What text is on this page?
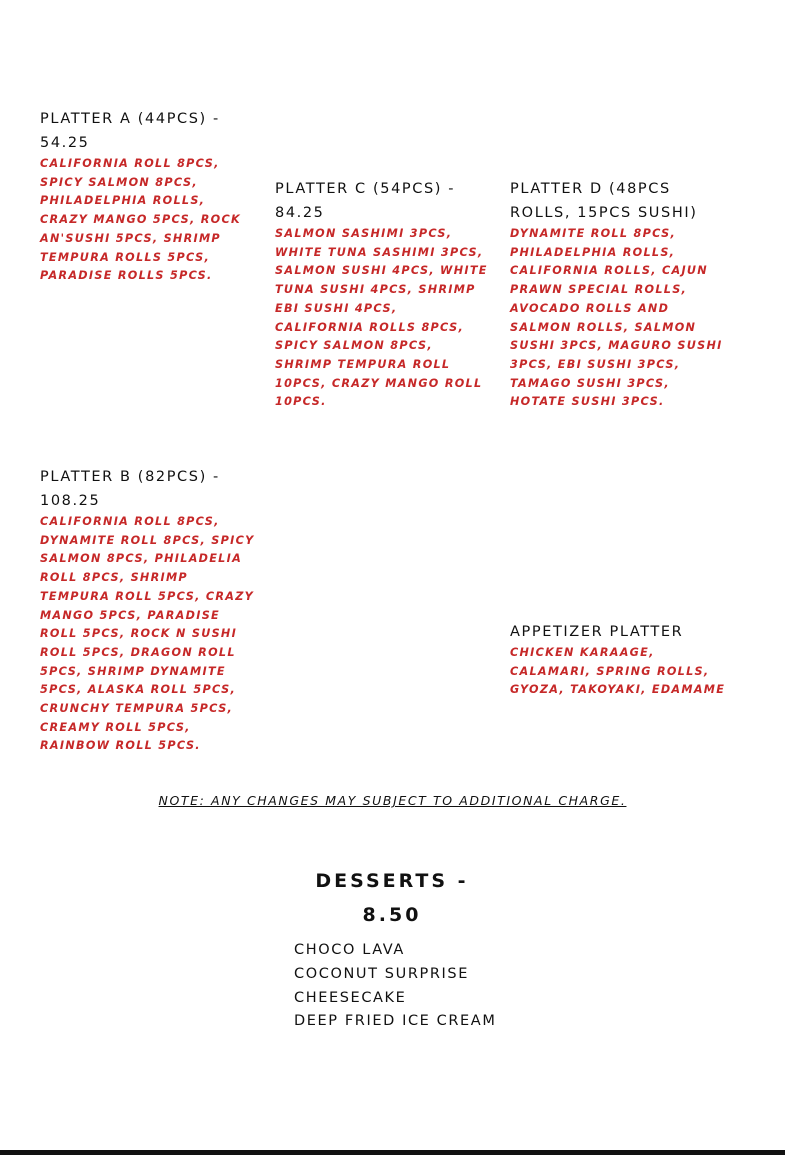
PLATTER A (44PCS) - 54.25
CALIFORNIA ROLL 8PCS, SPICY SALMON 8PCS, PHILADELPHIA ROLLS, CRAZY MANGO 5PCS, ROCK AN'SUSHI 5PCS, SHRIMP TEMPURA ROLLS 5PCS, PARADISE ROLLS 5PCS.
PLATTER C (54PCS) - 84.25
SALMON SASHIMI 3PCS, WHITE TUNA SASHIMI 3PCS, SALMON SUSHI 4PCS, WHITE TUNA SUSHI 4PCS, SHRIMP EBI SUSHI 4PCS, CALIFORNIA ROLLS 8PCS, SPICY SALMON 8PCS, SHRIMP TEMPURA ROLL 10PCS, CRAZY MANGO ROLL 10PCS.
PLATTER D (48PCS ROLLS, 15PCS SUSHI)
DYNAMITE ROLL 8PCS, PHILADELPHIA ROLLS, CALIFORNIA ROLLS, CAJUN PRAWN SPECIAL ROLLS, AVOCADO ROLLS AND SALMON ROLLS, SALMON SUSHI 3PCS, MAGURO SUSHI 3PCS, EBI SUSHI 3PCS, TAMAGO SUSHI 3PCS, HOTATE SUSHI 3PCS.
PLATTER B (82PCS) - 108.25
CALIFORNIA ROLL 8PCS, DYNAMITE ROLL 8PCS, SPICY SALMON 8PCS, PHILADELIA ROLL 8PCS, SHRIMP TEMPURA ROLL 5PCS, CRAZY MANGO 5PCS, PARADISE ROLL 5PCS, ROCK N SUSHI ROLL 5PCS, DRAGON ROLL 5PCS, SHRIMP DYNAMITE 5PCS, ALASKA ROLL 5PCS, CRUNCHY TEMPURA 5PCS, CREAMY ROLL 5PCS, RAINBOW ROLL 5PCS.
APPETIZER PLATTER
CHICKEN KARAAGE, CALAMARI, SPRING ROLLS, GYOZA, TAKOYAKI, EDAMAME
NOTE: ANY CHANGES MAY SUBJECT TO ADDITIONAL CHARGE.
DESSERTS - 8.50
CHOCO LAVA
COCONUT SURPRISE
CHEESECAKE
DEEP FRIED ICE CREAM
